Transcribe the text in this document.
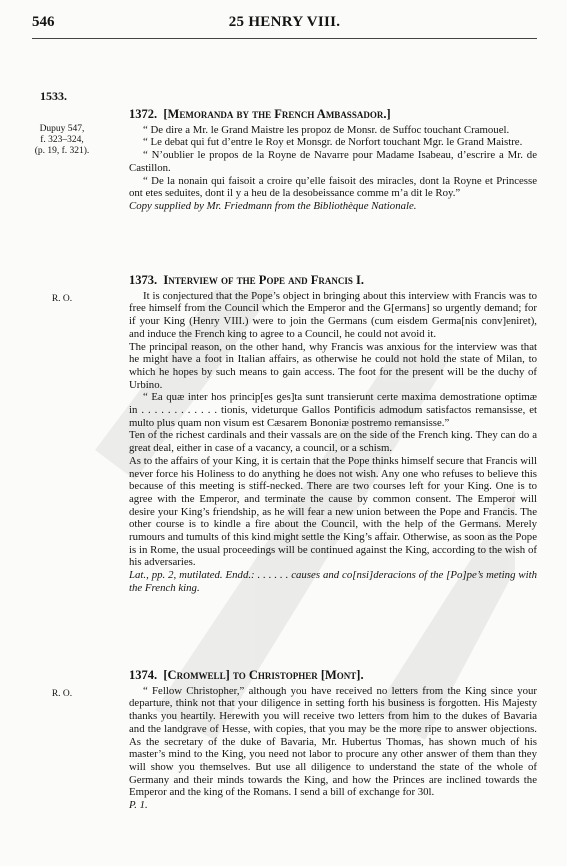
546	25 HENRY VIII.
1533.
Dupuy 547,
f. 323–324,
(p. 19, f. 321).
1372. [Memoranda by the French Ambassador.]

“ De dire a Mr. le Grand Maistre les propoz de Monsr. de Suffoc touchant Cramouel.

“ Le debat qui fut d’entre le Roy et Monsgr. de Norfort touchant Mgr. le Grand Maistre.

“ N’oublier le propos de la Royne de Navarre pour Madame Isabeau, d’escrire a Mr. de Castillon.

“ De la nonain qui faisoit a croire qu’elle faisoit des miracles, dont la Royne et Princesse ont etes seduites, dont il y a heu de la desobeissance comme m’a dit le Roy.”

Copy supplied by Mr. Friedmann from the Bibliothèque Nationale.

R. O.
1373. Interview of the Pope and Francis I.

It is conjectured that the Pope’s object in bringing about this interview with Francis was to free himself from the Council which the Emperor and the G[ermans] so urgently demand; for if your King (Henry VIII.) were to join the Germans (cum eisdem Germa[nis conv]eniret), and induce the French king to agree to a Council, he could not avoid it.

The principal reason, on the other hand, why Francis was anxious for the interview was that he might have a foot in Italian affairs, as otherwise he could not hold the state of Milan, to which he hopes by such means to gain access. The foot for the present will be the duchy of Urbino.

“ Ea quæ inter hos princip[es ges]ta sunt transierunt certe maxima demostratione optimæ in . . . . . . . . . . . . tionis, videturque Gallos Pontificis admodum satisfactos remansisse, et multo plus quam non visum est Cæsarem Bononiæ postremo remansisse.”

Ten of the richest cardinals and their vassals are on the side of the French king. They can do a great deal, either in case of a vacancy, a council, or a schism.

As to the affairs of your King, it is certain that the Pope thinks himself secure that Francis will never force his Holiness to do anything he does not wish. Any one who refuses to believe this because of this meeting is stiff-necked. There are two courses left for your King. One is to agree with the Emperor, and terminate the cause by common consent. The Emperor will desire your King’s friendship, as he will fear a new union between the Pope and Francis. The other course is to kindle a fire about the Council, with the help of the Germans. Merely rumours and tumults of this kind might settle the King’s affair. Otherwise, as soon as the Pope is in Rome, the usual proceedings will be continued against the King, according to the wish of his adversaries.

Lat., pp. 2, mutilated. Endd.: . . . . . . causes and co[nsi]deracions of the [Po]pe’s meting with the French king.

R. O.
1374. [Cromwell] to Christopher [Mont].

“ Fellow Christopher,” although you have received no letters from the King since your departure, think not that your diligence in setting forth his business is forgotten. His Majesty thanks you heartily. Herewith you will receive two letters from him to the dukes of Bavaria and the landgrave of Hesse, with copies, that you may be the more ripe to answer objections. As the secretary of the duke of Bavaria, Mr. Hubertus Thomas, has shown much of his master’s mind to the King, you need not labor to procure any other answer of them than they will show you themselves. But use all diligence to understand the state of the whole of Germany and their minds towards the King, and how the Princes are inclined towards the Emperor and the king of the Romans. I send a bill of exchange for 30l.

P. 1.
